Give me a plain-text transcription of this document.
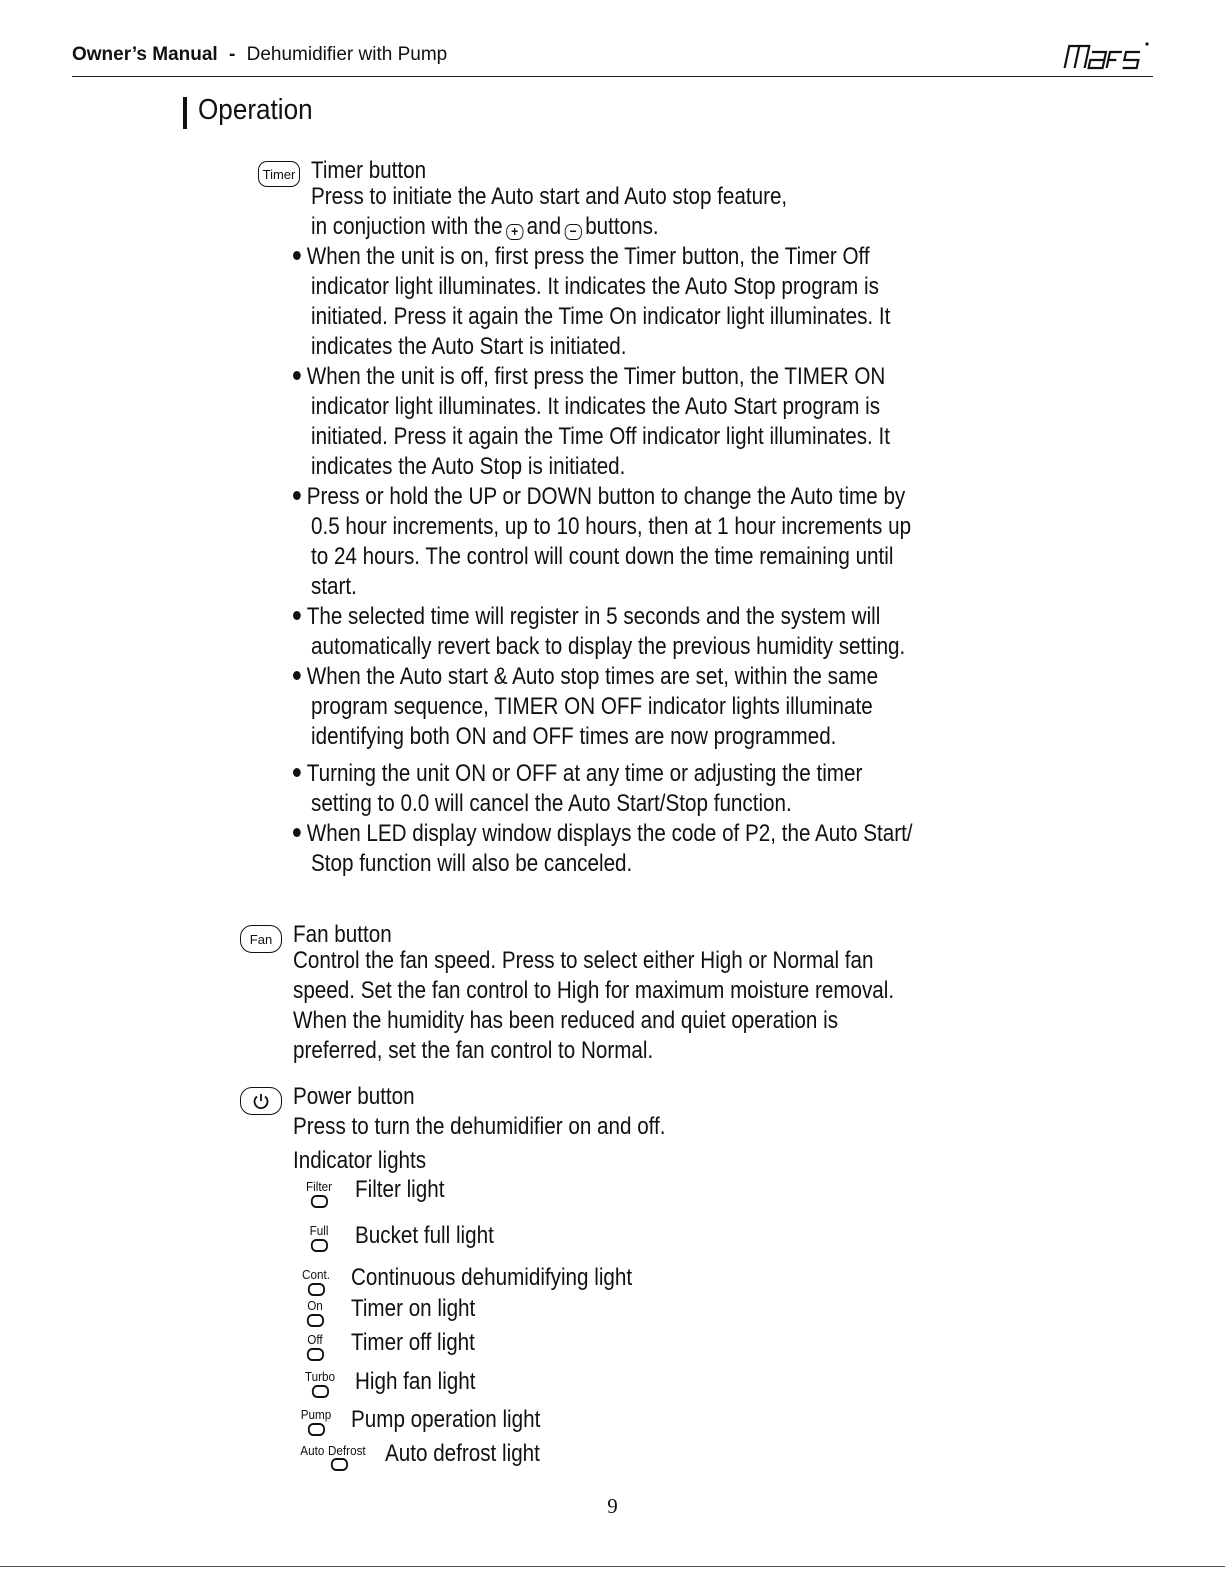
Owner’s Manual - Dehumidifier with Pump
Operation
Timer Timer button
Press to initiate the Auto start and Auto stop feature,
in conjuction with the + and − buttons.
When the unit is on, first press the Timer button, the Timer Off
indicator light illuminates. It indicates the Auto Stop program is
initiated. Press it again the Time On indicator light illuminates. It
indicates the Auto Start is initiated.
When the unit is off, first press the Timer button, the TIMER ON
indicator light illuminates. It indicates the Auto Start program is
initiated. Press it again the Time Off indicator light illuminates. It
indicates the Auto Stop is initiated.
Press or hold the UP or DOWN button to change the Auto time by
0.5 hour increments, up to 10 hours, then at 1 hour increments up
to 24 hours. The control will count down the time remaining until
start.
The selected time will register in 5 seconds and the system will
automatically revert back to display the previous humidity setting.
When the Auto start & Auto stop times are set, within the same
program sequence, TIMER ON OFF indicator lights illuminate
identifying both ON and OFF times are now programmed.
Turning the unit ON or OFF at any time or adjusting the timer
setting to 0.0 will cancel the Auto Start/Stop function.
When LED display window displays the code of P2, the Auto Start/
Stop function will also be canceled.
Fan Fan button
Control the fan speed. Press to select either High or Normal fan
speed. Set the fan control to High for maximum moisture removal.
When the humidity has been reduced and quiet operation is
preferred, set the fan control to Normal.
Power button
Press to turn the dehumidifier on and off.
Indicator lights
Filter Filter light
Full Bucket full light
Cont. Continuous dehumidifying light
On Timer on light
Off Timer off light
Turbo High fan light
Pump Pump operation light
Auto Defrost Auto defrost light
9
